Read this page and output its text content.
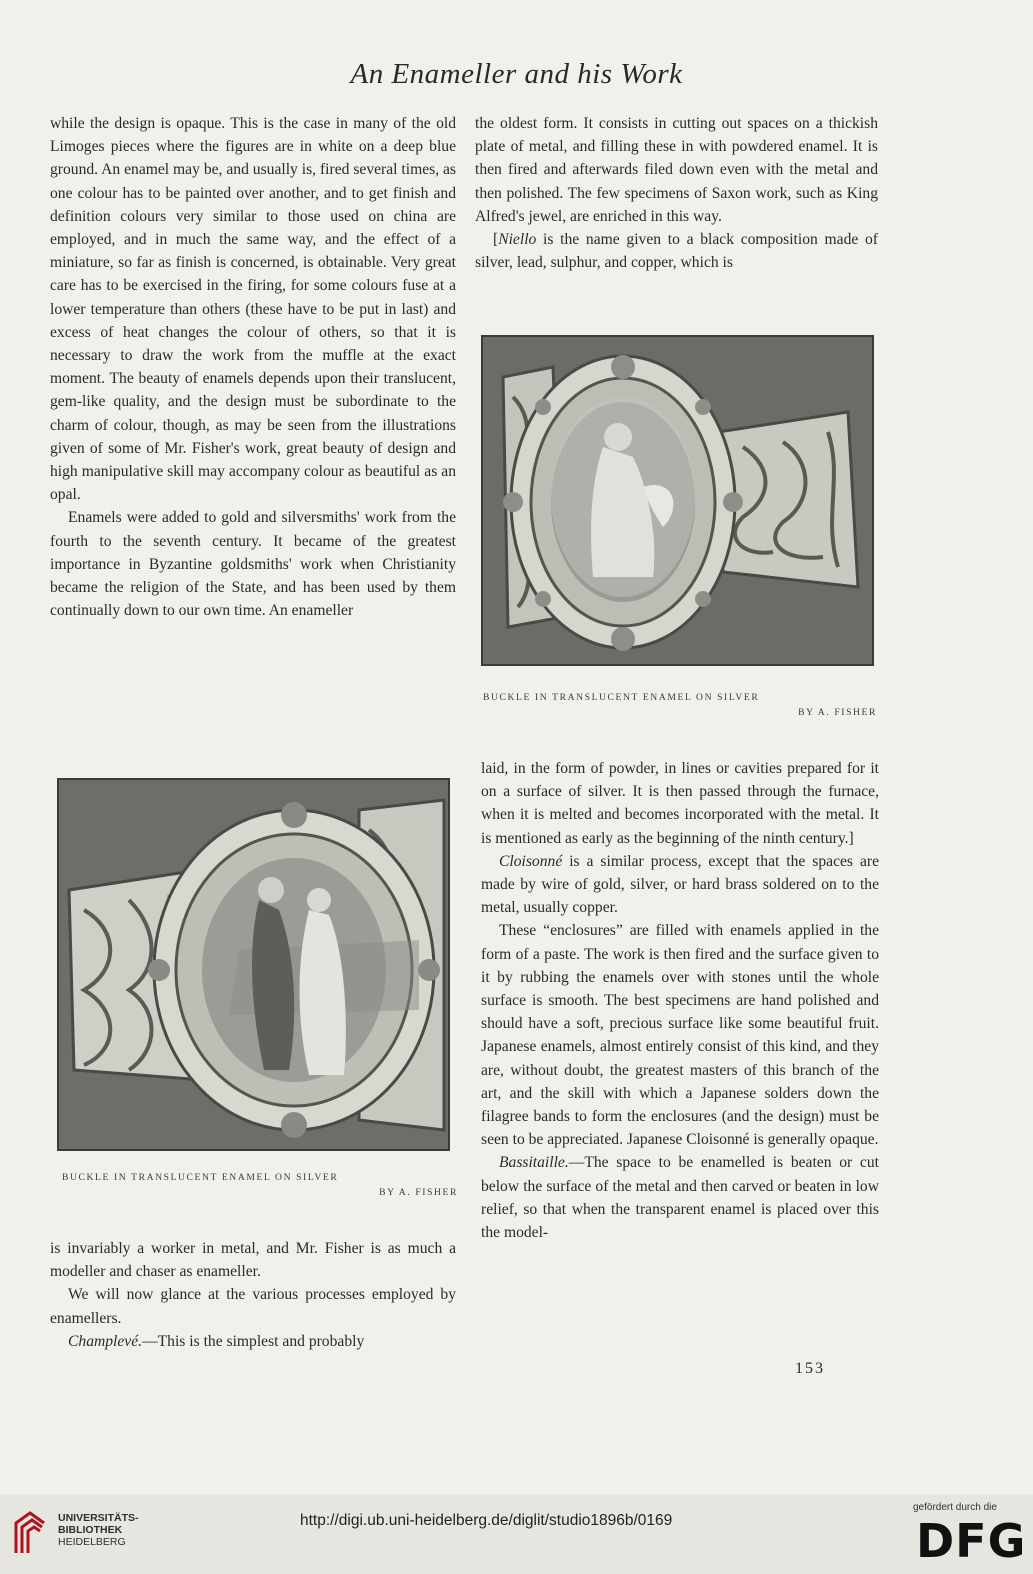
An Enameller and his Work

while the design is opaque. This is the case in many of the old Limoges pieces where the figures are in white on a deep blue ground. An enamel may be, and usually is, fired several times, as one colour has to be painted over another, and to get finish and definition colours very similar to those used on china are employed, and in much the same way, and the effect of a miniature, so far as finish is concerned, is obtainable. Very great care has to be exercised in the firing, for some colours fuse at a lower temperature than others (these have to be put in last) and excess of heat changes the colour of others, so that it is necessary to draw the work from the muffle at the exact moment. The beauty of enamels depends upon their translucent, gem-like quality, and the design must be subordinate to the charm of colour, though, as may be seen from the illustrations given of some of Mr. Fisher's work, great beauty of design and high manipulative skill may accompany colour as beautiful as an opal.

Enamels were added to gold and silversmiths' work from the fourth to the seventh century. It became of the greatest importance in Byzantine goldsmiths' work when Christianity became the religion of the State, and has been used by them continually down to our own time. An enameller

the oldest form. It consists in cutting out spaces on a thickish plate of metal, and filling these in with powdered enamel. It is then fired and afterwards filed down even with the metal and then polished. The few specimens of Saxon work, such as King Alfred's jewel, are enriched in this way.

[Niello is the name given to a black composition made of silver, lead, sulphur, and copper, which is

BUCKLE IN TRANSLUCENT ENAMEL ON SILVER
BY A. FISHER

laid, in the form of powder, in lines or cavities prepared for it on a surface of silver. It is then passed through the furnace, when it is melted and becomes incorporated with the metal. It is mentioned as early as the beginning of the ninth century.]

Cloisonné is a similar process, except that the spaces are made by wire of gold, silver, or hard brass soldered on to the metal, usually copper.

These “enclosures” are filled with enamels applied in the form of a paste. The work is then fired and the surface given to it by rubbing the enamels over with stones until the whole surface is smooth. The best specimens are hand polished and should have a soft, precious surface like some beautiful fruit. Japanese enamels, almost entirely consist of this kind, and they are, without doubt, the greatest masters of this branch of the art, and the skill with which a Japanese solders down the filagree bands to form the enclosures (and the design) must be seen to be appreciated. Japanese Cloisonné is generally opaque.

Bassitaille.—The space to be enamelled is beaten or cut below the surface of the metal and then carved or beaten in low relief, so that when the transparent enamel is placed over this the model-

BUCKLE IN TRANSLUCENT ENAMEL ON SILVER
BY A. FISHER

is invariably a worker in metal, and Mr. Fisher is as much a modeller and chaser as enameller.

We will now glance at the various processes employed by enamellers.

Champlevé.—This is the simplest and probably

153
UNIVERSITÄTS-
BIBLIOTHEK
HEIDELBERG
http://digi.ub.uni-heidelberg.de/diglit/studio1896b/0169
gefördert durch die
DFG
